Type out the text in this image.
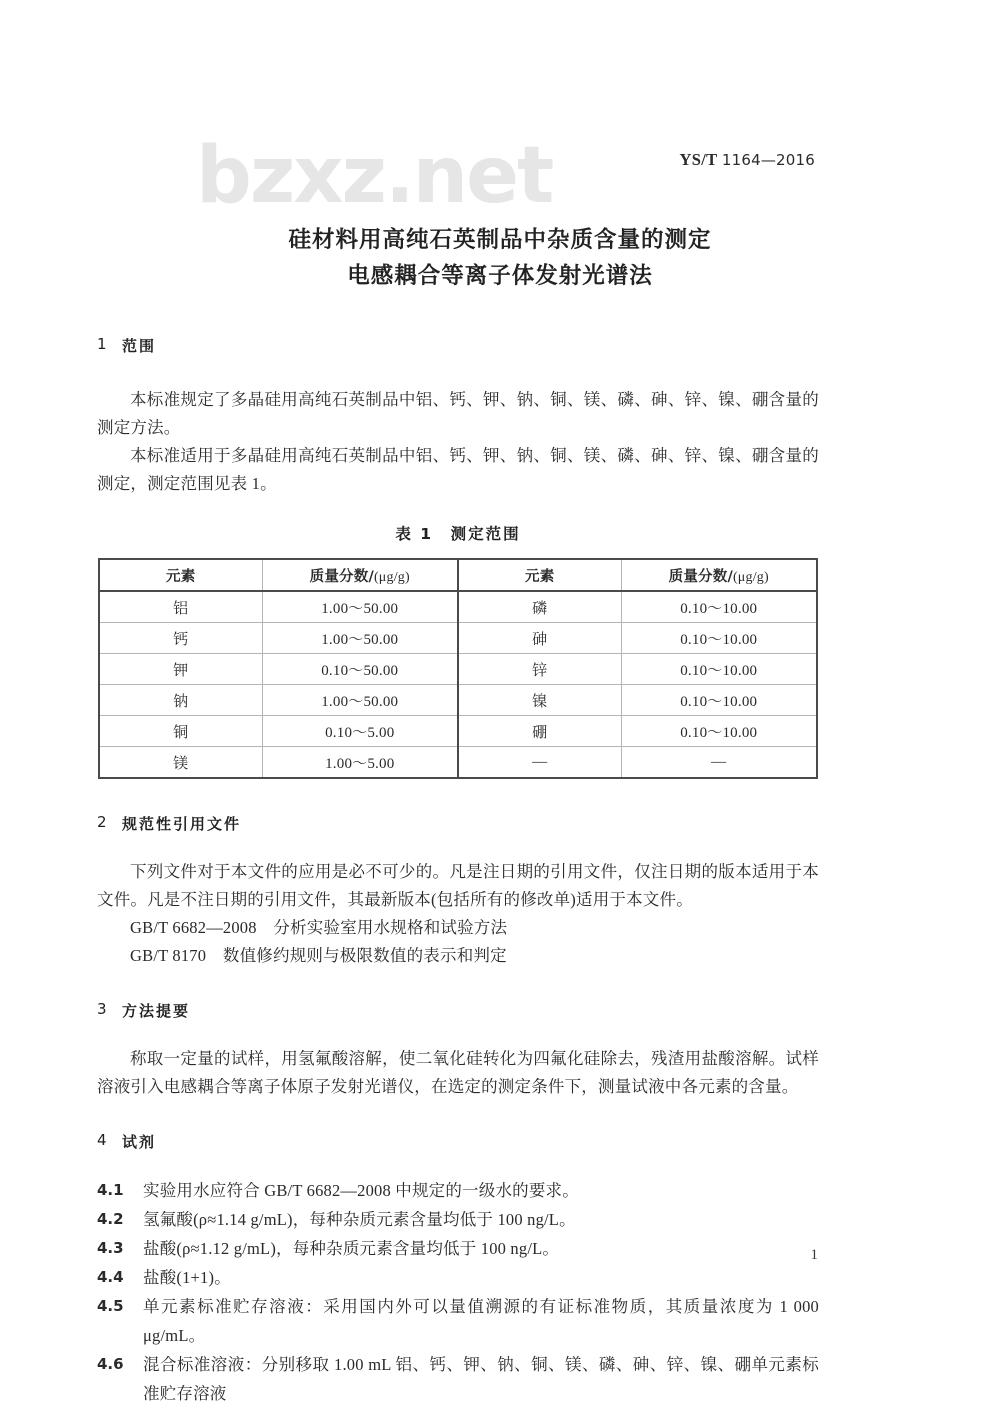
bzxz.net	YS/T 1164—2016
硅材料用高纯石英制品中杂质含量的测定
电感耦合等离子体发射光谱法
1 范围

本标准规定了多晶硅用高纯石英制品中铝、钙、钾、钠、铜、镁、磷、砷、锌、镍、硼含量的测定方法。

本标准适用于多晶硅用高纯石英制品中铝、钙、钾、钠、铜、镁、磷、砷、锌、镍、硼含量的测定，测定范围见表 1。

表 1　测定范围

元素	质量分数/(μg/g)	元素	质量分数/(μg/g)
铝	1.00～50.00	磷	0.10～10.00
钙	1.00～50.00	砷	0.10～10.00
钾	0.10～50.00	锌	0.10～10.00
钠	1.00～50.00	镍	0.10～10.00
铜	0.10～5.00	硼	0.10～10.00
镁	1.00～5.00	—	—
2 规范性引用文件

下列文件对于本文件的应用是必不可少的。凡是注日期的引用文件，仅注日期的版本适用于本文件。凡是不注日期的引用文件，其最新版本(包括所有的修改单)适用于本文件。

GB/T 6682—2008　分析实验室用水规格和试验方法

GB/T 8170　数值修约规则与极限数值的表示和判定

3 方法提要

称取一定量的试样，用氢氟酸溶解，使二氧化硅转化为四氟化硅除去，残渣用盐酸溶解。试样溶液引入电感耦合等离子体原子发射光谱仪，在选定的测定条件下，测量试液中各元素的含量。

4 试剂
4.1	实验用水应符合 GB/T 6682—2008 中规定的一级水的要求。
4.2	氢氟酸(ρ≈1.14 g/mL)，每种杂质元素含量均低于 100 ng/L。
4.3	盐酸(ρ≈1.12 g/mL)，每种杂质元素含量均低于 100 ng/L。
4.4	盐酸(1+1)。
4.5	单元素标准贮存溶液：采用国内外可以量值溯源的有证标准物质，其质量浓度为 1 000 μg/mL。
4.6	混合标准溶液：分别移取 1.00 mL 铝、钙、钾、钠、铜、镁、磷、砷、锌、镍、硼单元素标准贮存溶液
1
